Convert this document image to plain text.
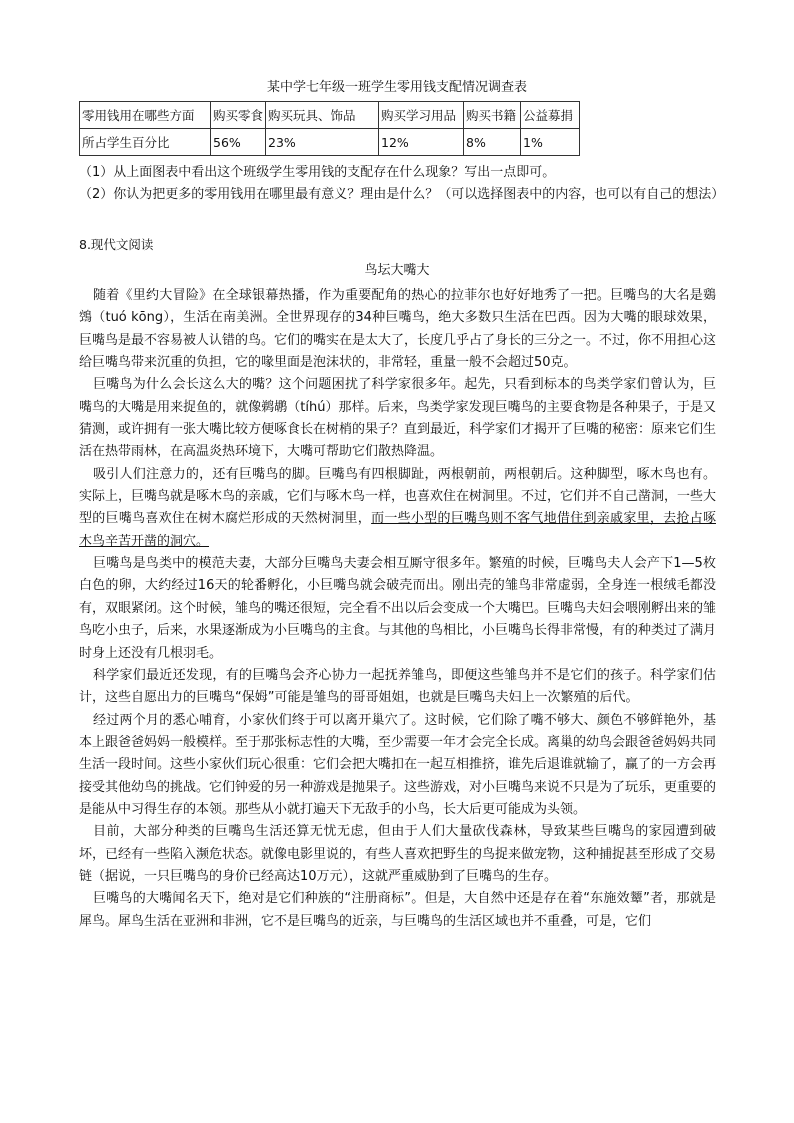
某中学七年级一班学生零用钱支配情况调查表
零用钱用在哪些方面	购买零食	购买玩具、饰品	购买学习用品	购买书籍	公益募捐
所占学生百分比	56%	23%	12%	8%	1%

（1）从上面图表中看出这个班级学生零用钱的支配存在什么现象？写出一点即可。

（2）你认为把更多的零用钱用在哪里最有意义？理由是什么？（可以选择图表中的内容，也可以有自己的想法）

8.现代文阅读
鸟坛大嘴大

随着《里约大冒险》在全球银幕热播，作为重要配角的热心的拉菲尔也好好地秀了一把。巨嘴鸟的大名是鵎鵼（tuó kōng），生活在南美洲。全世界现存的34种巨嘴鸟，绝大多数只生活在巴西。因为大嘴的眼球效果，巨嘴鸟是最不容易被人认错的鸟。它们的嘴实在是太大了，长度几乎占了身长的三分之一。不过，你不用担心这给巨嘴鸟带来沉重的负担，它的喙里面是泡沫状的，非常轻，重量一般不会超过50克。

巨嘴鸟为什么会长这么大的嘴？这个问题困扰了科学家很多年。起先，只看到标本的鸟类学家们曾认为，巨嘴鸟的大嘴是用来捉鱼的，就像鹈鹕（tíhú）那样。后来，鸟类学家发现巨嘴鸟的主要食物是各种果子，于是又猜测，或许拥有一张大嘴比较方便啄食长在树梢的果子？直到最近，科学家们才揭开了巨嘴的秘密：原来它们生活在热带雨林，在高温炎热环境下，大嘴可帮助它们散热降温。

吸引人们注意力的，还有巨嘴鸟的脚。巨嘴鸟有四根脚趾，两根朝前，两根朝后。这种脚型，啄木鸟也有。实际上，巨嘴鸟就是啄木鸟的亲戚，它们与啄木鸟一样，也喜欢住在树洞里。不过，它们并不自己凿洞，一些大型的巨嘴鸟喜欢住在树木腐烂形成的天然树洞里，而一些小型的巨嘴鸟则不客气地借住到亲戚家里，去抢占啄木鸟辛苦开凿的洞穴。

巨嘴鸟是鸟类中的模范夫妻，大部分巨嘴鸟夫妻会相互厮守很多年。繁殖的时候，巨嘴鸟夫人会产下1—5枚白色的卵，大约经过16天的轮番孵化，小巨嘴鸟就会破壳而出。刚出壳的雏鸟非常虚弱，全身连一根绒毛都没有，双眼紧闭。这个时候，雏鸟的嘴还很短，完全看不出以后会变成一个大嘴巴。巨嘴鸟夫妇会喂刚孵出来的雏鸟吃小虫子，后来，水果逐渐成为小巨嘴鸟的主食。与其他的鸟相比，小巨嘴鸟长得非常慢，有的种类过了满月时身上还没有几根羽毛。

科学家们最近还发现，有的巨嘴鸟会齐心协力一起抚养雏鸟，即便这些雏鸟并不是它们的孩子。科学家们估计，这些自愿出力的巨嘴鸟“保姆”可能是雏鸟的哥哥姐姐，也就是巨嘴鸟夫妇上一次繁殖的后代。

经过两个月的悉心哺育，小家伙们终于可以离开巢穴了。这时候，它们除了嘴不够大、颜色不够鲜艳外，基本上跟爸爸妈妈一般模样。至于那张标志性的大嘴，至少需要一年才会完全长成。离巢的幼鸟会跟爸爸妈妈共同生活一段时间。这些小家伙们玩心很重：它们会把大嘴扣在一起互相推挤，谁先后退谁就输了，赢了的一方会再接受其他幼鸟的挑战。它们钟爱的另一种游戏是抛果子。这些游戏，对小巨嘴鸟来说不只是为了玩乐，更重要的是能从中习得生存的本领。那些从小就打遍天下无敌手的小鸟，长大后更可能成为头领。

目前，大部分种类的巨嘴鸟生活还算无忧无虑，但由于人们大量砍伐森林，导致某些巨嘴鸟的家园遭到破坏，已经有一些陷入濒危状态。就像电影里说的，有些人喜欢把野生的鸟捉来做宠物，这种捕捉甚至形成了交易链（据说，一只巨嘴鸟的身价已经高达10万元），这就严重威胁到了巨嘴鸟的生存。

巨嘴鸟的大嘴闻名天下，绝对是它们种族的“注册商标”。但是，大自然中还是存在着“东施效颦”者，那就是犀鸟。犀鸟生活在亚洲和非洲，它不是巨嘴鸟的近亲，与巨嘴鸟的生活区域也并不重叠，可是，它们
